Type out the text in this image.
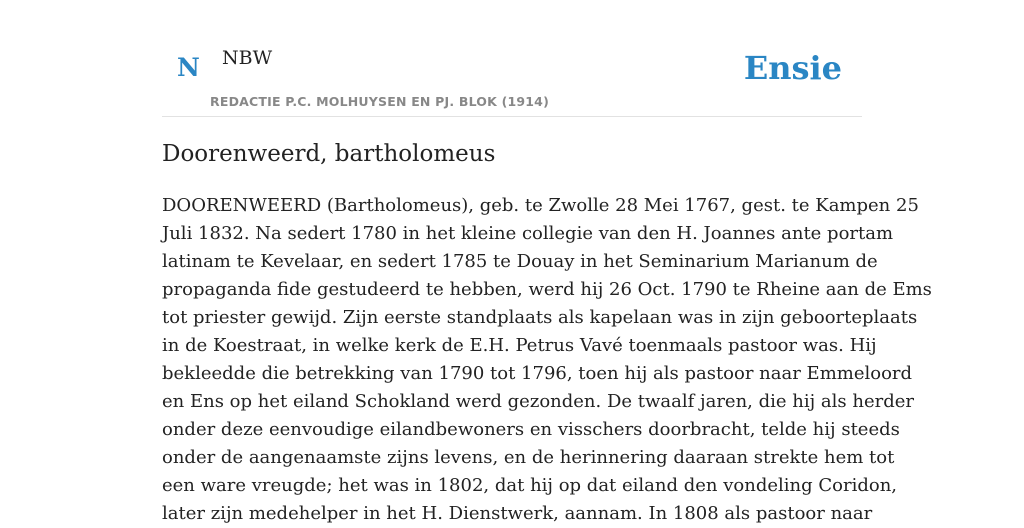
N NBW
REDACTIE P.C. MOLHUYSEN EN PJ. BLOK (1914)
Ensie
Doorenweerd, bartholomeus
DOORENWEERD (Bartholomeus), geb. te Zwolle 28 Mei 1767, gest. te Kampen 25
Juli 1832. Na sedert 1780 in het kleine collegie van den H. Joannes ante portam
latinam te Kevelaar, en sedert 1785 te Douay in het Seminarium Marianum de
propaganda fide gestudeerd te hebben, werd hij 26 Oct. 1790 te Rheine aan de Ems
tot priester gewijd. Zijn eerste standplaats als kapelaan was in zijn geboorteplaats
in de Koestraat, in welke kerk de E.H. Petrus Vavé toenmaals pastoor was. Hij
bekleedde die betrekking van 1790 tot 1796, toen hij als pastoor naar Emmeloord
en Ens op het eiland Schokland werd gezonden. De twaalf jaren, die hij als herder
onder deze eenvoudige eilandbewoners en visschers doorbracht, telde hij steeds
onder de aangenaamste zijns levens, en de herinnering daaraan strekte hem tot
een ware vreugde; het was in 1802, dat hij op dat eiland den vondeling Coridon,
later zijn medehelper in het H. Dienstwerk, aannam. In 1808 als pastoor naar
